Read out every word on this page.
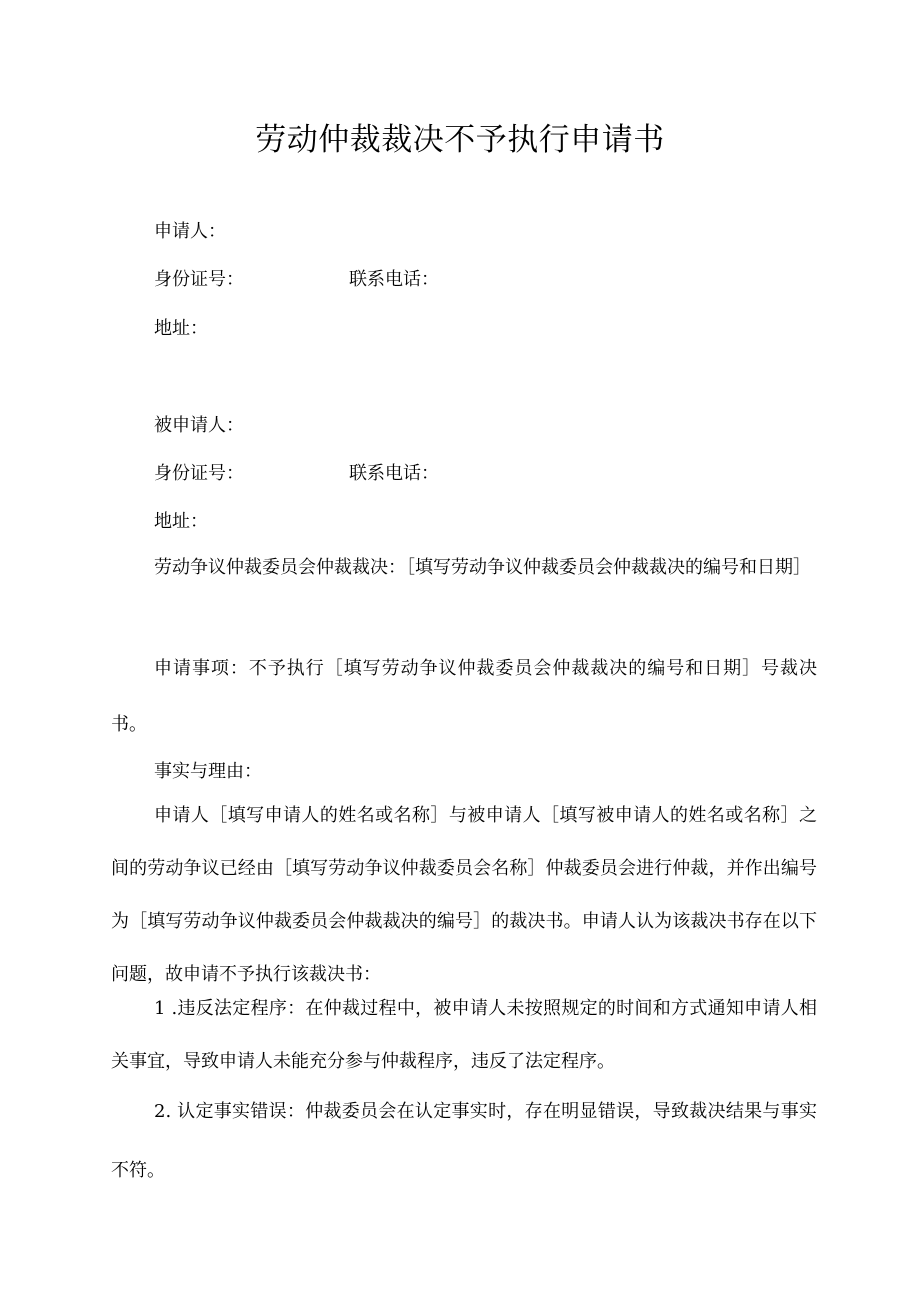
劳动仲裁裁决不予执行申请书
申请人：
身份证号：	联系电话：
地址：
被申请人：
身份证号：	联系电话：
地址：

劳动争议仲裁委员会仲裁裁决：［填写劳动争议仲裁委员会仲裁裁决的编号和日期］

申请事项：不予执行［填写劳动争议仲裁委员会仲裁裁决的编号和日期］号裁决书。

事实与理由：

申请人［填写申请人的姓名或名称］与被申请人［填写被申请人的姓名或名称］之间的劳动争议已经由［填写劳动争议仲裁委员会名称］仲裁委员会进行仲裁，并作出编号为［填写劳动争议仲裁委员会仲裁裁决的编号］的裁决书。申请人认为该裁决书存在以下问题，故申请不予执行该裁决书：

1 .违反法定程序：在仲裁过程中，被申请人未按照规定的时间和方式通知申请人相关事宜，导致申请人未能充分参与仲裁程序，违反了法定程序。

2. 认定事实错误：仲裁委员会在认定事实时，存在明显错误，导致裁决结果与事实不符。
